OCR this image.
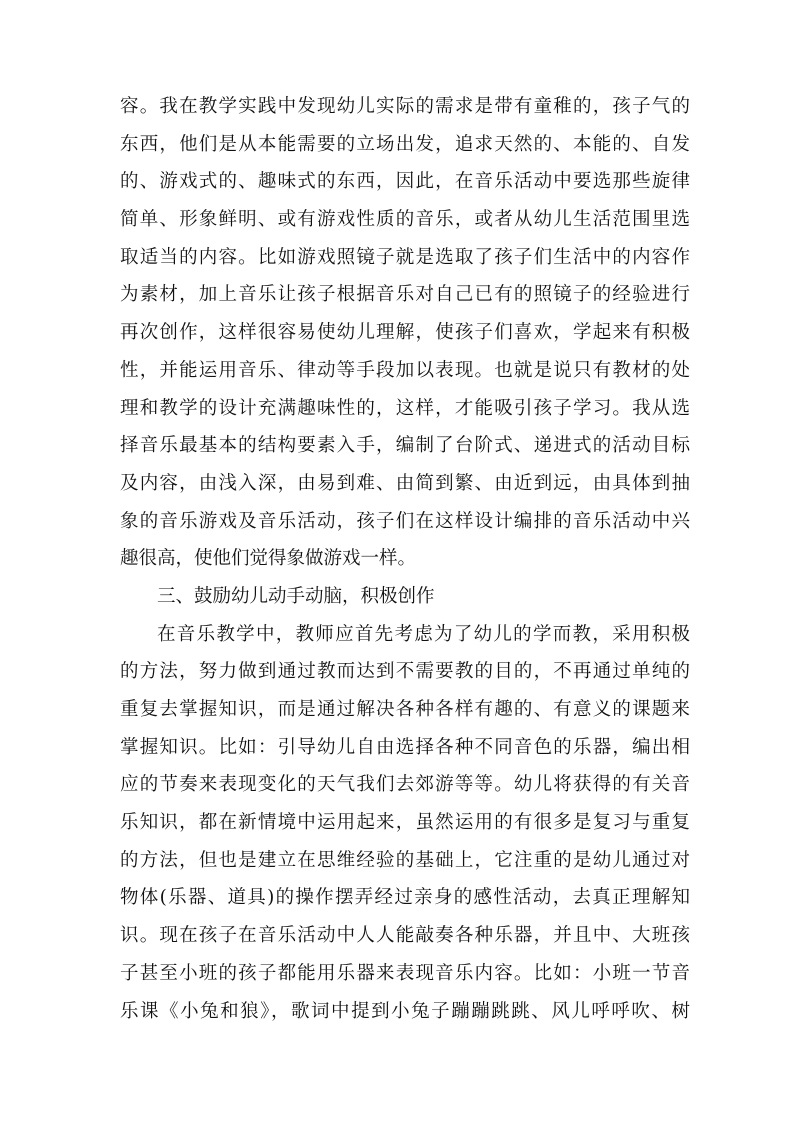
容。我在教学实践中发现幼儿实际的需求是带有童稚的，孩子气的
东西，他们是从本能需要的立场出发，追求天然的、本能的、自发
的、游戏式的、趣味式的东西，因此，在音乐活动中要选那些旋律
简单、形象鲜明、或有游戏性质的音乐，或者从幼儿生活范围里选
取适当的内容。比如游戏照镜子就是选取了孩子们生活中的内容作
为素材，加上音乐让孩子根据音乐对自己已有的照镜子的经验进行
再次创作，这样很容易使幼儿理解，使孩子们喜欢，学起来有积极
性，并能运用音乐、律动等手段加以表现。也就是说只有教材的处
理和教学的设计充满趣味性的，这样，才能吸引孩子学习。我从选
择音乐最基本的结构要素入手，编制了台阶式、递进式的活动目标
及内容，由浅入深，由易到难、由简到繁、由近到远，由具体到抽
象的音乐游戏及音乐活动，孩子们在这样设计编排的音乐活动中兴
趣很高，使他们觉得象做游戏一样。
三、鼓励幼儿动手动脑，积极创作
在音乐教学中，教师应首先考虑为了幼儿的学而教，采用积极
的方法，努力做到通过教而达到不需要教的目的，不再通过单纯的
重复去掌握知识，而是通过解决各种各样有趣的、有意义的课题来
掌握知识。比如：引导幼儿自由选择各种不同音色的乐器，编出相
应的节奏来表现变化的天气我们去郊游等等。幼儿将获得的有关音
乐知识，都在新情境中运用起来，虽然运用的有很多是复习与重复
的方法，但也是建立在思维经验的基础上，它注重的是幼儿通过对
物体(乐器、道具)的操作摆弄经过亲身的感性活动，去真正理解知
识。现在孩子在音乐活动中人人能敲奏各种乐器，并且中、大班孩
子甚至小班的孩子都能用乐器来表现音乐内容。比如：小班一节音
乐课《小兔和狼》，歌词中提到小兔子蹦蹦跳跳、风儿呼呼吹、树
